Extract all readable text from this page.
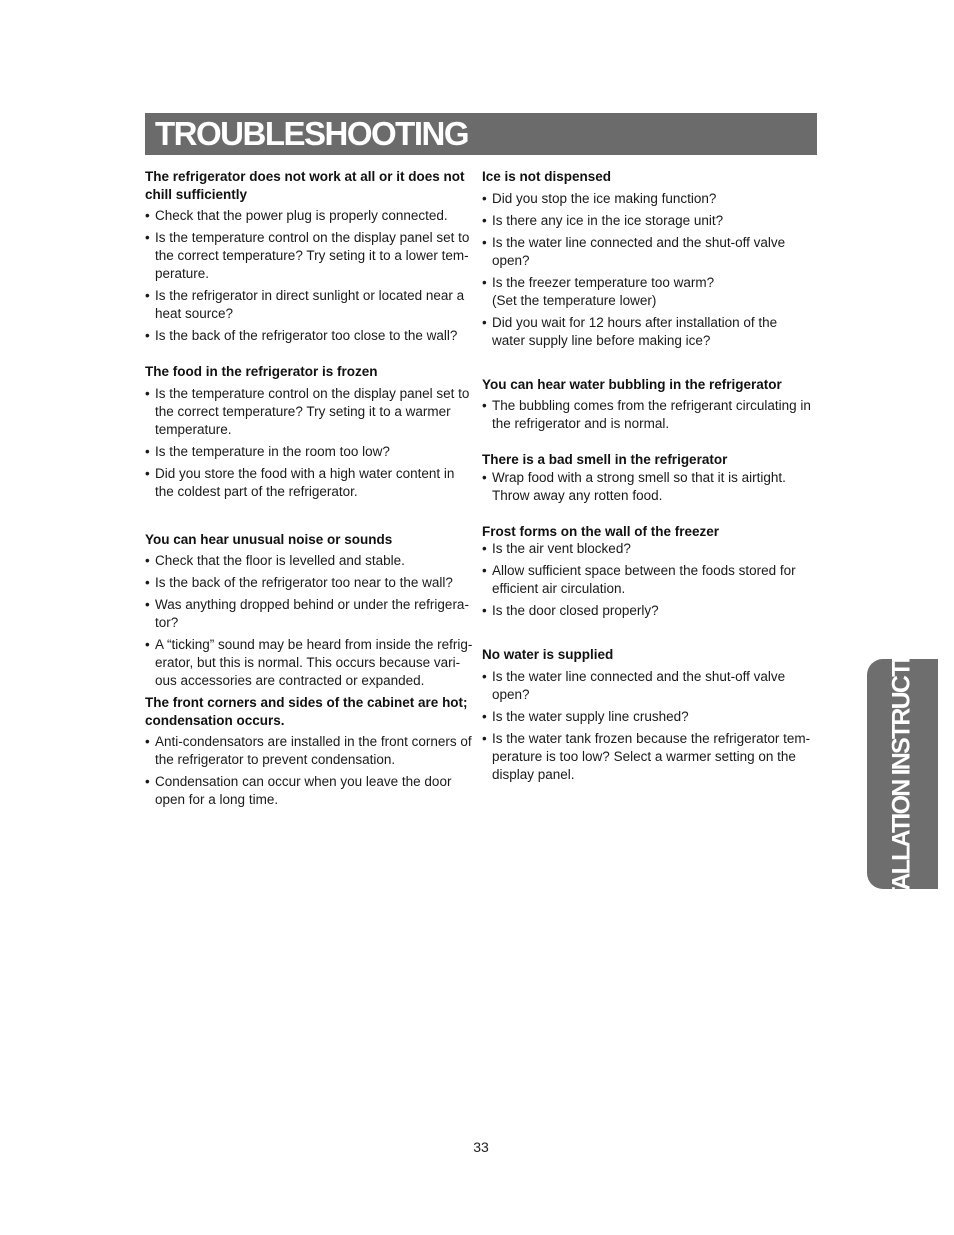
TROUBLESHOOTING
The refrigerator does not work at all or it does not chill sufficiently
• Check that the power plug is properly connected.
• Is the temperature control on the display panel set to
the correct temperature? Try seting it to a lower tem-
perature.
• Is the refrigerator in direct sunlight or located near a
heat source?
• Is the back of the refrigerator too close to the wall?
The food in the refrigerator is frozen
• Is the temperature control on the display panel set to
the correct temperature? Try seting it to a warmer
temperature.
• Is the temperature in the room too low?
• Did you store the food with a high water content in
the coldest part of the refrigerator.
You can hear unusual noise or sounds
• Check that the floor is levelled and stable.
• Is the back of the refrigerator too near to the wall?
• Was anything dropped behind or under the refrigera-
tor?
• A “ticking” sound may be heard from inside the refrig-
erator, but this is normal. This occurs because vari-
ous accessories are contracted or expanded.
The front corners and sides of the cabinet are hot; condensation occurs.
• Anti-condensators are installed in the front corners of
the refrigerator to prevent condensation.
• Condensation can occur when you leave the door
open for a long time.
Ice is not dispensed
• Did you stop the ice making function?
• Is there any ice in the ice storage unit?
• Is the water line connected and the shut-off valve
open?
• Is the freezer temperature too warm?
(Set the temperature lower)
• Did you wait for 12 hours after installation of the
water supply line before making ice?
You can hear water bubbling in the refrigerator
• The bubbling comes from the refrigerant circulating in
the refrigerator and is normal.
There is a bad smell in the refrigerator
• Wrap food with a strong smell so that it is airtight.
Throw away any rotten food.
Frost forms on the wall of the freezer
• Is the air vent blocked?
• Allow sufficient space between the foods stored for
efficient air circulation.
• Is the door closed properly?
No water is supplied
• Is the water line connected and the shut-off valve
open?
• Is the water supply line crushed?
• Is the water tank frozen because the refrigerator tem-
perature is too low? Select a warmer setting on the
display panel.	INSTALLATION INSTRUCTIONS
33
